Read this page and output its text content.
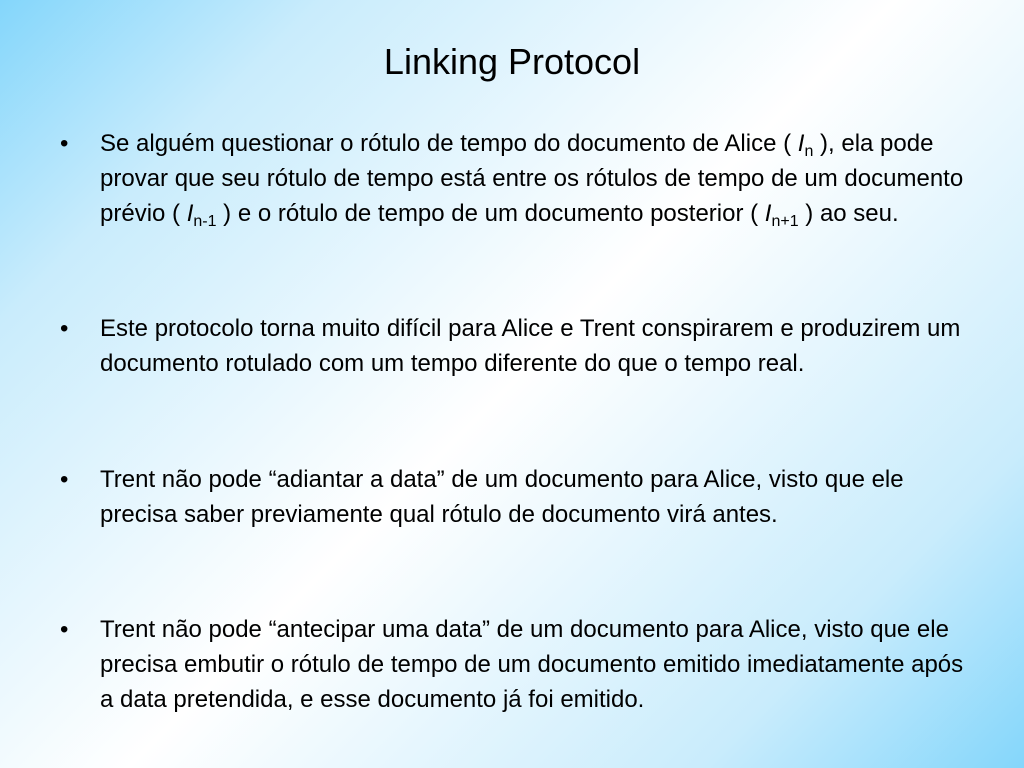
Linking Protocol
• Se alguém questionar o rótulo de tempo do documento de Alice ( $I_n$ ), ela pode provar que seu rótulo de tempo está entre os rótulos de tempo de um documento prévio ( $I_{n-1}$ ) e o rótulo de tempo de um documento posterior ( $I_{n+1}$ ) ao seu.
• Este protocolo torna muito difícil para Alice e Trent conspirarem e produzirem um documento rotulado com um tempo diferente do que o tempo real.
• Trent não pode “adiantar a data” de um documento para Alice, visto que ele precisa saber previamente qual rótulo de documento virá antes.
• Trent não pode “antecipar uma data” de um documento para Alice, visto que ele precisa embutir o rótulo de tempo de um documento emitido imediatamente após a data pretendida, e esse documento já foi emitido.
